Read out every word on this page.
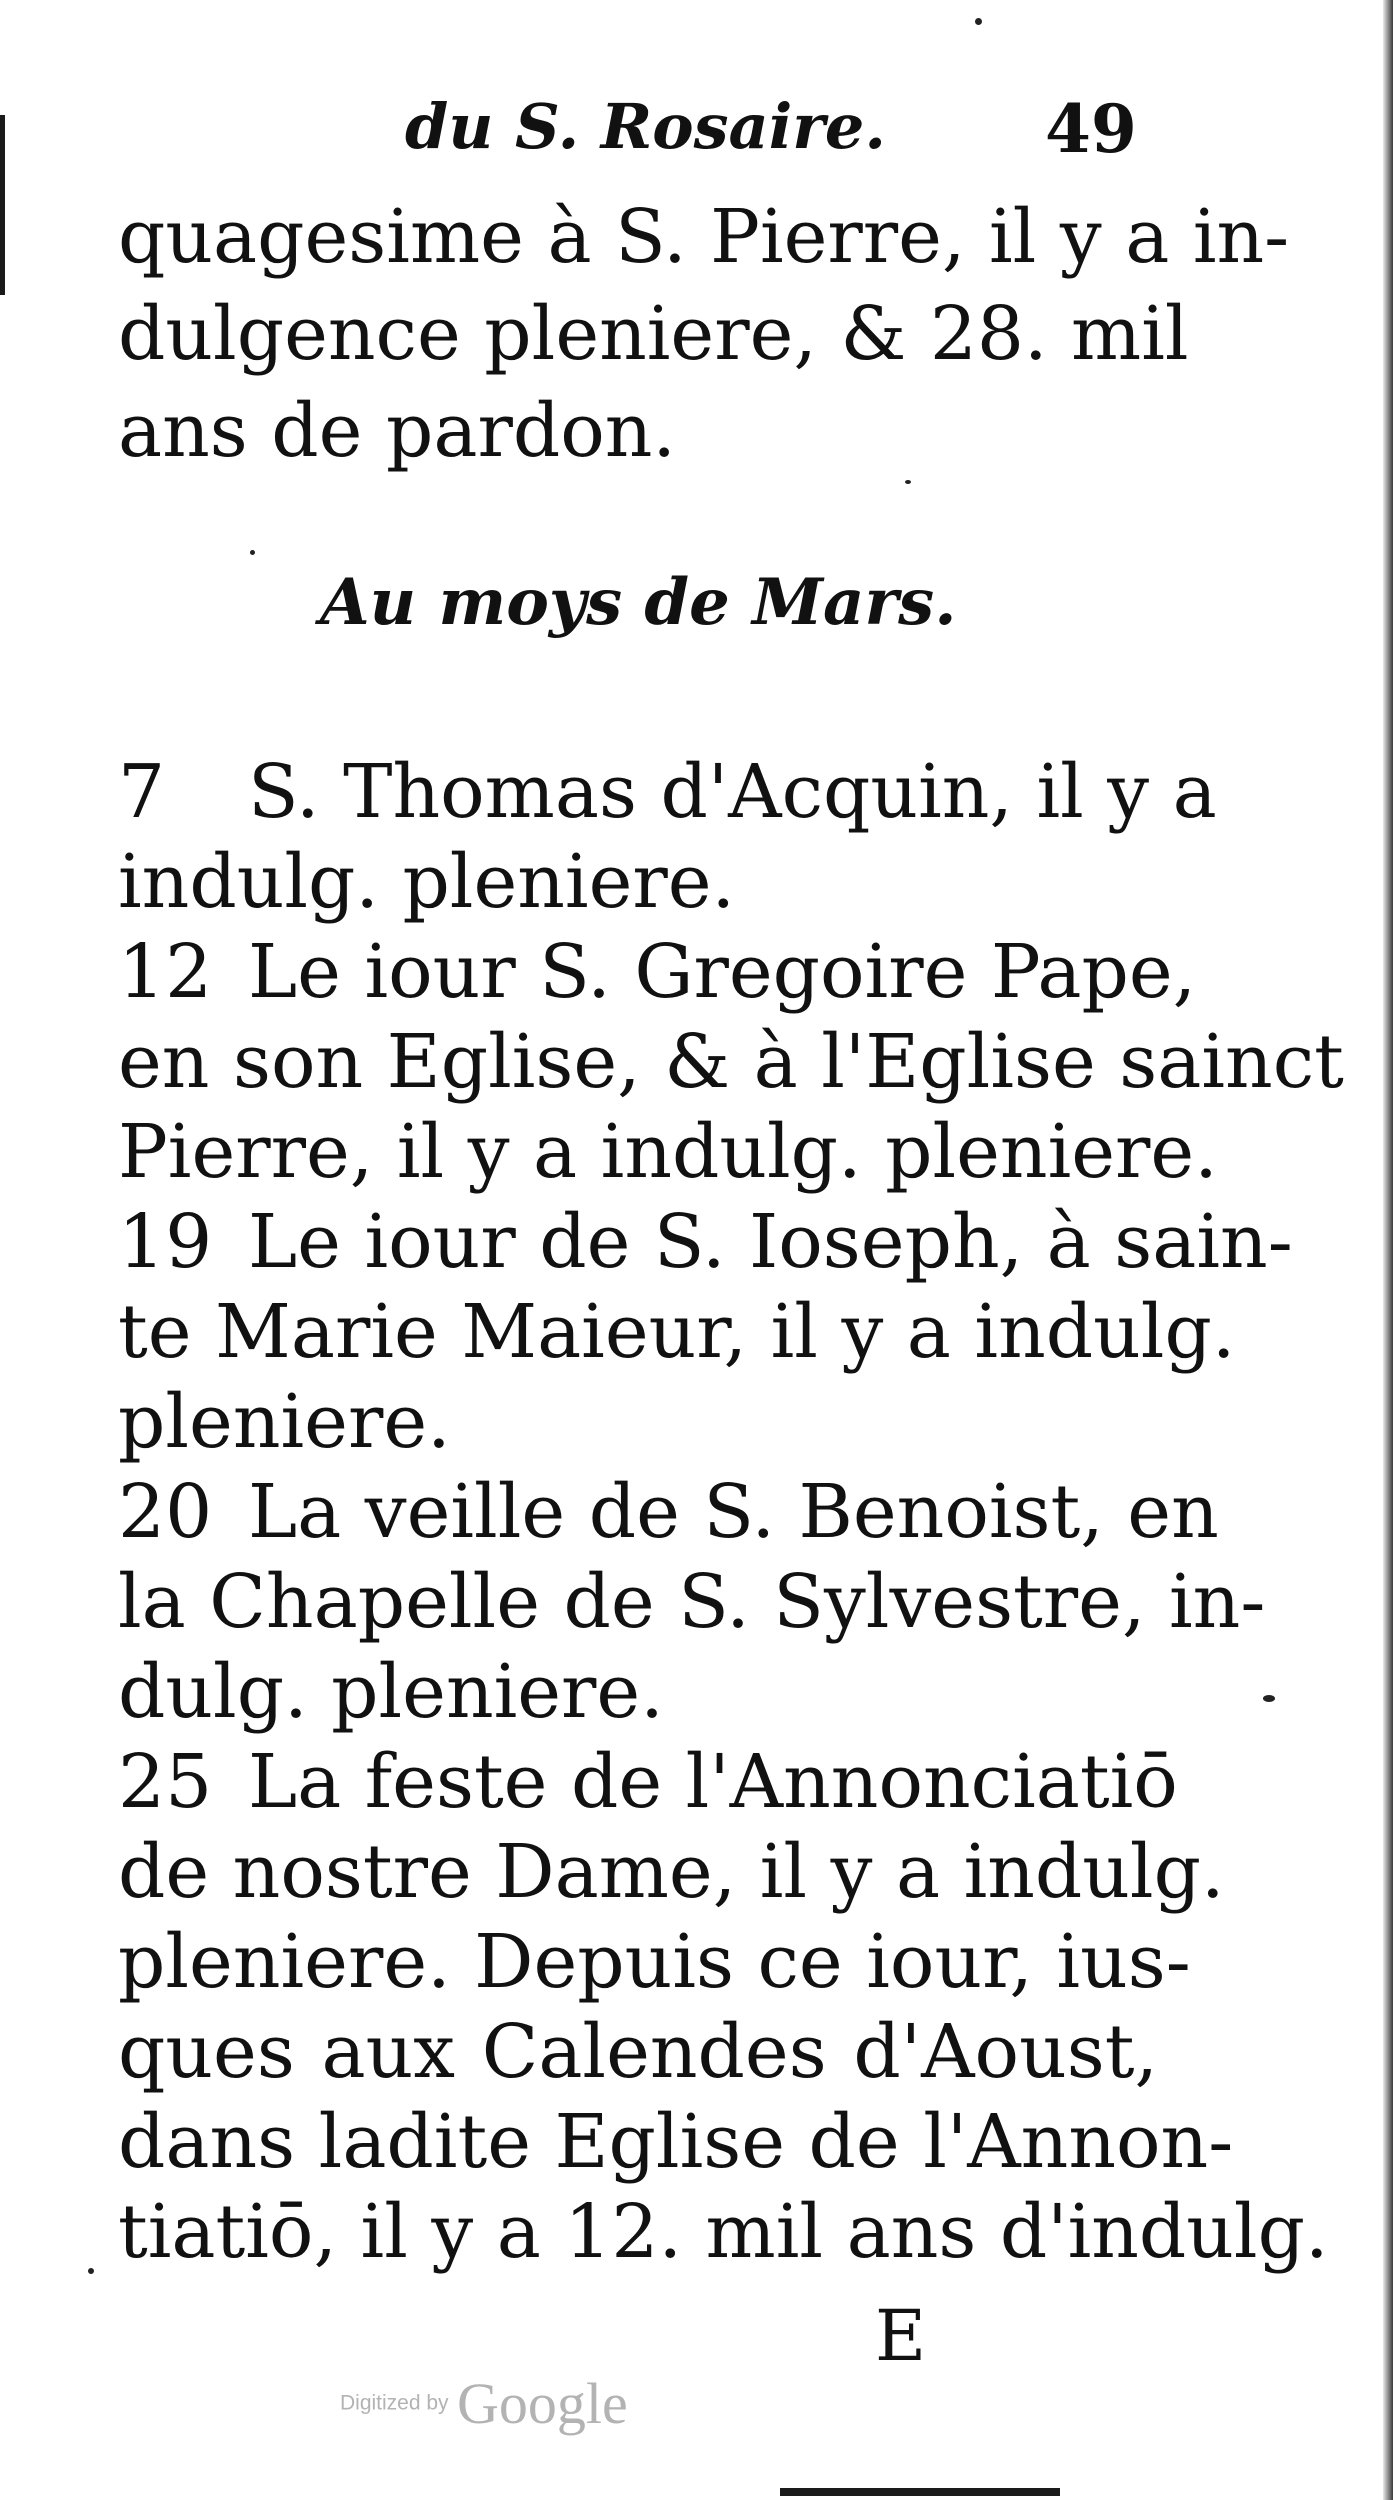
du S. Rosaire. 49
quagesime à S. Pierre, il y a in-
dulgence pleniere, & 28. mil
ans de pardon.
Au moys de Mars.
7 S. Thomas d'Acquin, il y a
indulg. pleniere.
12 Le iour S. Gregoire Pape,
en son Eglise, & à l'Eglise sainct
Pierre, il y a indulg. pleniere.
19 Le iour de S. Ioseph, à sain-
te Marie Maieur, il y a indulg.
pleniere.
20 La veille de S. Benoist, en
la Chapelle de S. Sylvestre, in-
dulg. pleniere.
25 La feste de l'Annonciatiō
de nostre Dame, il y a indulg.
pleniere. Depuis ce iour, ius-
ques aux Calendes d'Aoust,
dans ladite Eglise de l'Annon-
tiatiō, il y a 12. mil ans d'indulg.
E
Digitized by Google
